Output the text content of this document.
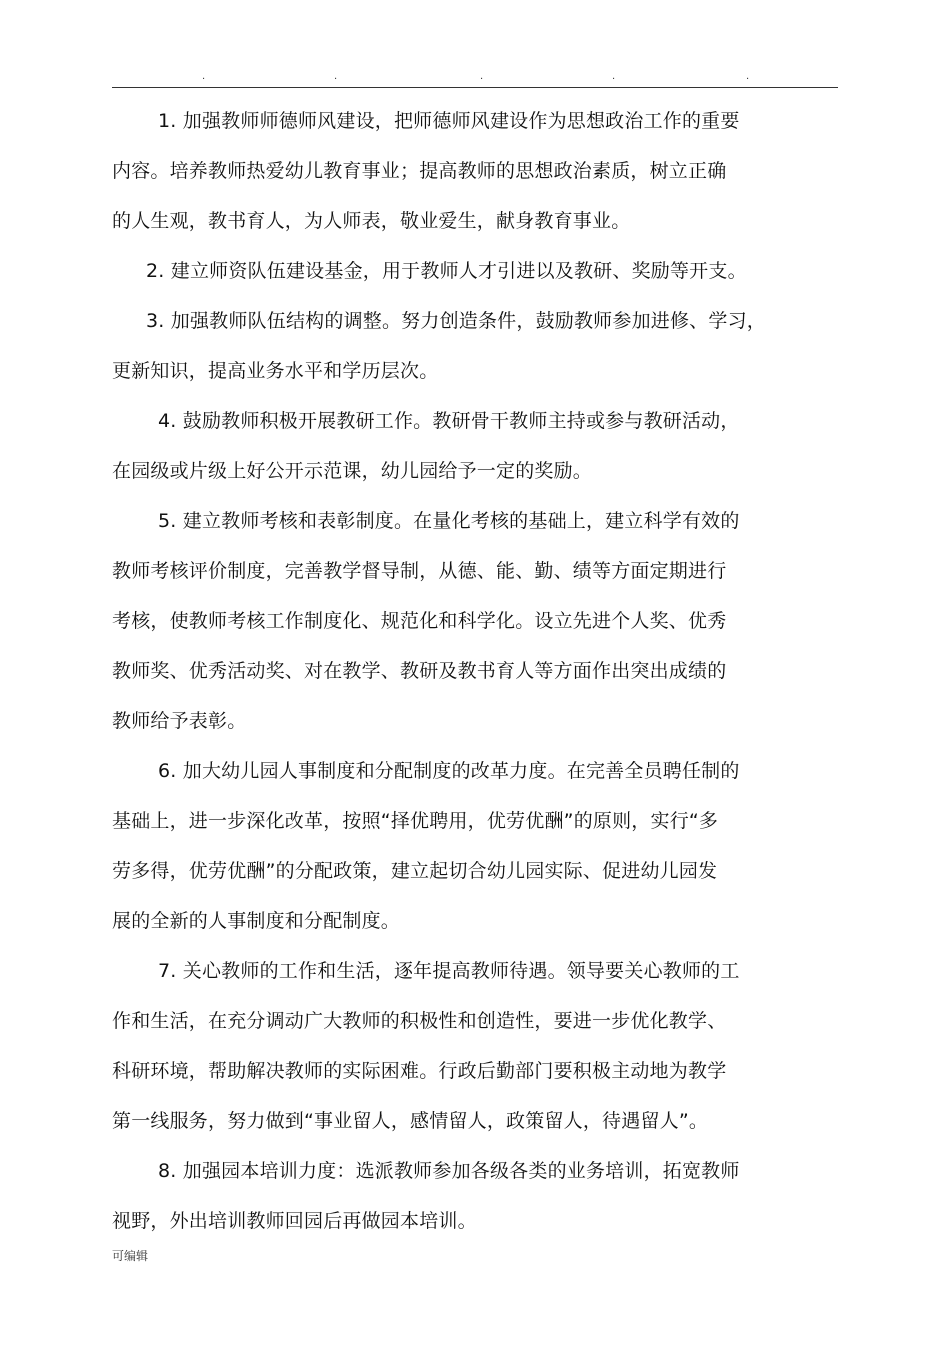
.	.	.	.	.
1. 加强教师师德师风建设，把师德师风建设作为思想政治工作的重要
内容。培养教师热爱幼儿教育事业；提高教师的思想政治素质，树立正确
的人生观，教书育人，为人师表，敬业爱生，献身教育事业。
2. 建立师资队伍建设基金，用于教师人才引进以及教研、奖励等开支。
3. 加强教师队伍结构的调整。努力创造条件，鼓励教师参加进修、学习，
更新知识，提高业务水平和学历层次。
4. 鼓励教师积极开展教研工作。教研骨干教师主持或参与教研活动，
在园级或片级上好公开示范课，幼儿园给予一定的奖励。
5. 建立教师考核和表彰制度。在量化考核的基础上，建立科学有效的
教师考核评价制度，完善教学督导制，从德、能、勤、绩等方面定期进行
考核，使教师考核工作制度化、规范化和科学化。设立先进个人奖、优秀
教师奖、优秀活动奖、对在教学、教研及教书育人等方面作出突出成绩的
教师给予表彰。
6. 加大幼儿园人事制度和分配制度的改革力度。在完善全员聘任制的
基础上，进一步深化改革，按照“择优聘用，优劳优酬”的原则，实行“多
劳多得，优劳优酬”的分配政策，建立起切合幼儿园实际、促进幼儿园发
展的全新的人事制度和分配制度。
7. 关心教师的工作和生活，逐年提高教师待遇。领导要关心教师的工
作和生活，在充分调动广大教师的积极性和创造性，要进一步优化教学、
科研环境，帮助解决教师的实际困难。行政后勤部门要积极主动地为教学
第一线服务，努力做到“事业留人，感情留人，政策留人，待遇留人”。
8. 加强园本培训力度：选派教师参加各级各类的业务培训，拓宽教师
视野，外出培训教师回园后再做园本培训。
可编辑
